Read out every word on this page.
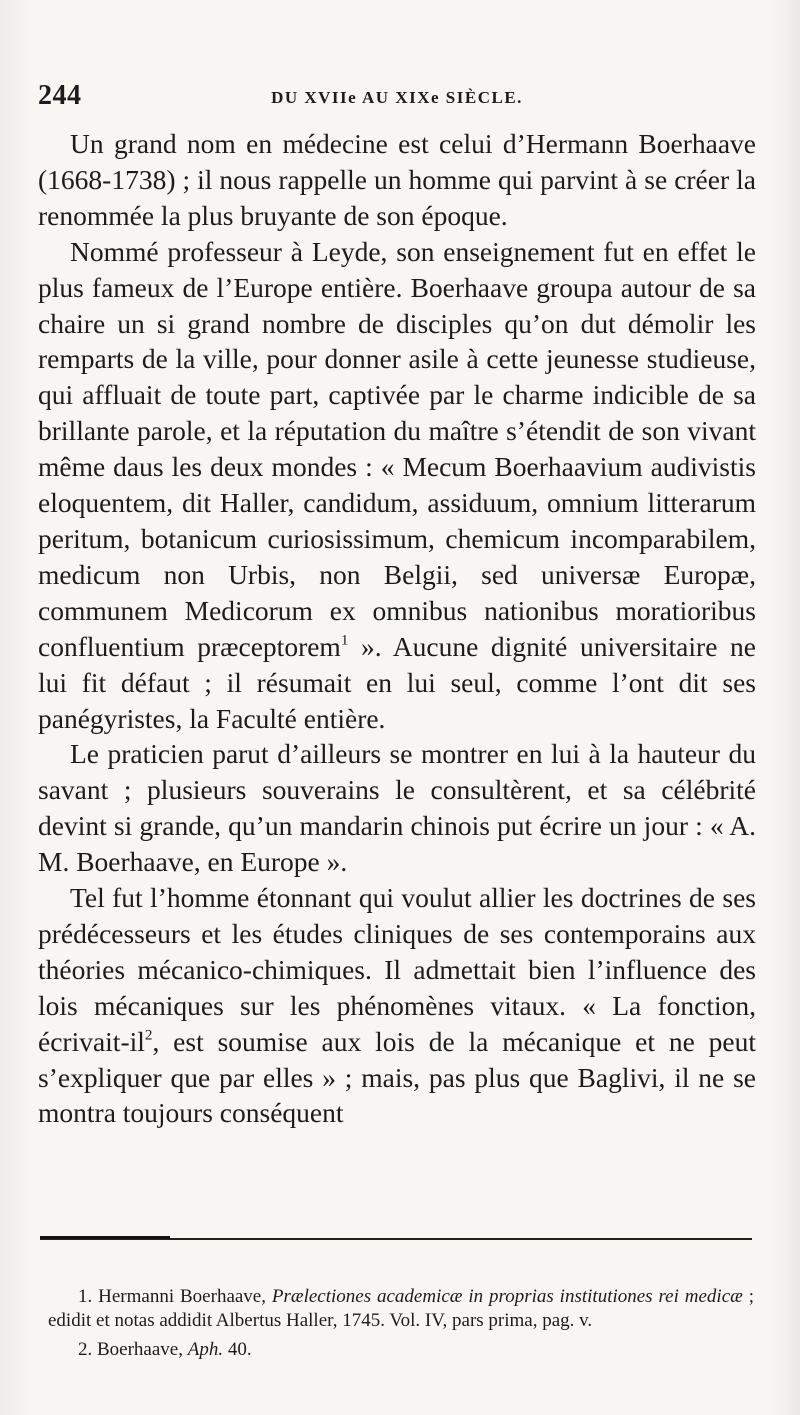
244	DU XVIIe AU XIXe SIÈCLE.

Un grand nom en médecine est celui d’Hermann Boerhaave (1668-1738) ; il nous rappelle un homme qui parvint à se créer la renommée la plus bruyante de son époque.

Nommé professeur à Leyde, son enseignement fut en effet le plus fameux de l’Europe entière. Boerhaave groupa autour de sa chaire un si grand nombre de disciples qu’on dut démolir les remparts de la ville, pour donner asile à cette jeunesse studieuse, qui affluait de toute part, captivée par le charme indicible de sa brillante parole, et la réputation du maître s’étendit de son vivant même daus les deux mondes : « Mecum Boerhaavium audivistis eloquentem, dit Haller, candidum, assiduum, omnium litterarum peritum, botanicum curiosissimum, chemicum incomparabilem, medicum non Urbis, non Belgii, sed universæ Europæ, communem Medicorum ex omnibus nationibus moratioribus confluentium præceptorem$^1$ ». Aucune dignité universitaire ne lui fit défaut ; il résumait en lui seul, comme l’ont dit ses panégyristes, la Faculté entière.

Le praticien parut d’ailleurs se montrer en lui à la hauteur du savant ; plusieurs souverains le consultèrent, et sa célébrité devint si grande, qu’un mandarin chinois put écrire un jour : « A. M. Boerhaave, en Europe ».

Tel fut l’homme étonnant qui voulut allier les doctrines de ses prédécesseurs et les études cliniques de ses contemporains aux théories mécanico-chimiques. Il admettait bien l’influence des lois mécaniques sur les phénomènes vitaux. « La fonction, écrivait-$il^2$, est soumise aux lois de la mécanique et ne peut s’expliquer que par elles » ; mais, pas plus que Baglivi, il ne se montra toujours conséquent

1. Hermanni Boerhaave, Prælectiones academicæ in proprias institutiones rei medicæ ; edidit et notas addidit Albertus Haller, 1745. Vol. IV, pars prima, pag. v.

2. Boerhaave, Aph. 40.
